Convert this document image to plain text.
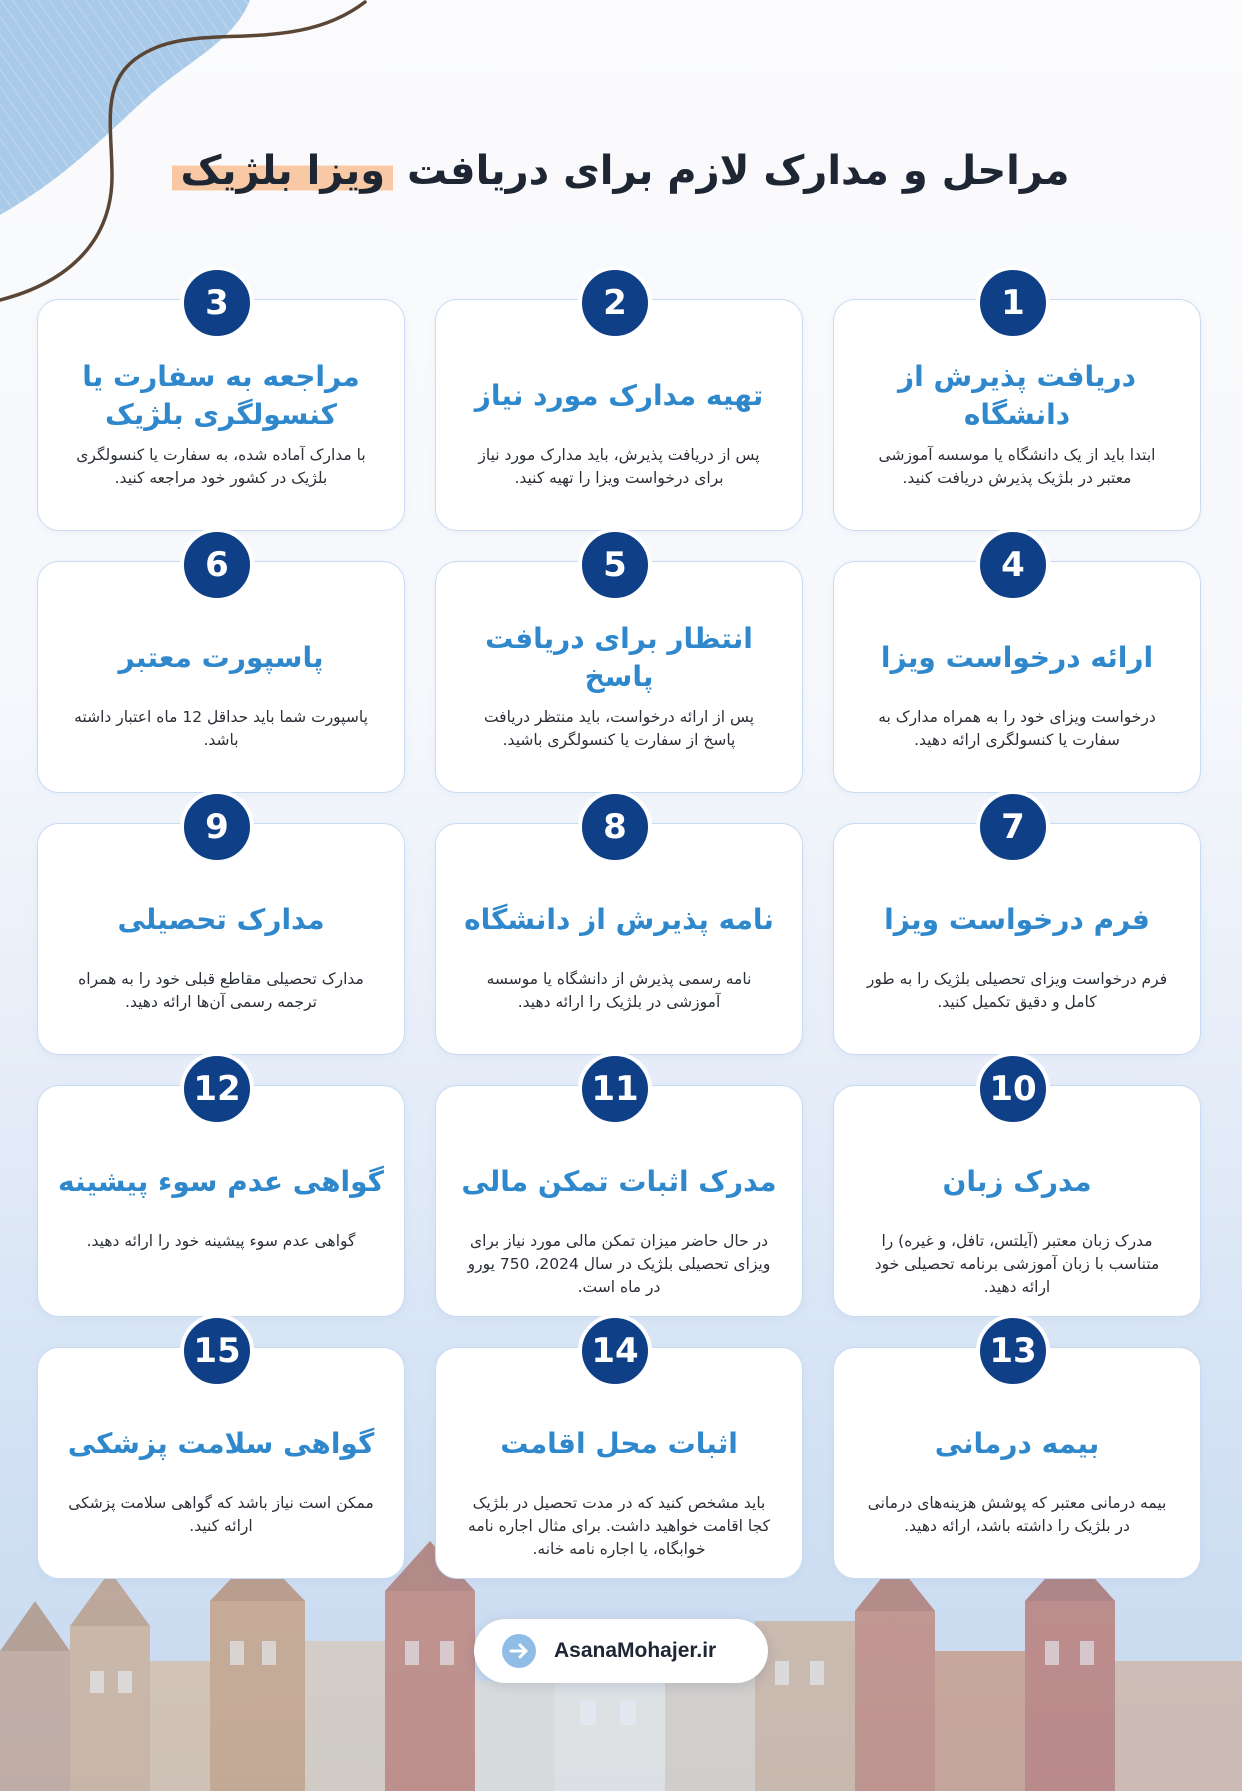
مراحل و مدارک لازم برای دریافت ویزا بلژیک
1
دریافت پذیرش از دانشگاه
ابتدا باید از یک دانشگاه یا موسسه آموزشی معتبر در بلژیک پذیرش دریافت کنید.
2
تهیه مدارک مورد نیاز
پس از دریافت پذیرش، باید مدارک مورد نیاز برای درخواست ویزا را تهیه کنید.
3
مراجعه به سفارت یا کنسولگری بلژیک
با مدارک آماده شده، به سفارت یا کنسولگری بلژیک در کشور خود مراجعه کنید.
4
ارائه درخواست ویزا
درخواست ویزای خود را به همراه مدارک به سفارت یا کنسولگری ارائه دهید.
5
انتظار برای دریافت پاسخ
پس از ارائه درخواست، باید منتظر دریافت پاسخ از سفارت یا کنسولگری باشید.
6
پاسپورت معتبر
پاسپورت شما باید حداقل 12 ماه اعتبار داشته باشد.
7
فرم درخواست ویزا
فرم درخواست ویزای تحصیلی بلژیک را به طور کامل و دقیق تکمیل کنید.
8
نامه پذیرش از دانشگاه
نامه رسمی پذیرش از دانشگاه یا موسسه آموزشی در بلژیک را ارائه دهید.
9
مدارک تحصیلی
مدارک تحصیلی مقاطع قبلی خود را به همراه ترجمه رسمی آن‌ها ارائه دهید.
10
مدرک زبان
مدرک زبان معتبر (آیلتس، تافل، و غیره) را متناسب با زبان آموزشی برنامه تحصیلی خود ارائه دهید.
11
مدرک اثبات تمکن مالی
در حال حاضر میزان تمکن مالی مورد نیاز برای ویزای تحصیلی بلژیک در سال 2024، 750 یورو در ماه است.
12
گواهی عدم سوء پیشینه
گواهی عدم سوء پیشینه خود را ارائه دهید.
13
بیمه درمانی
بیمه درمانی معتبر که پوشش هزینه‌های درمانی در بلژیک را داشته باشد، ارائه دهید.
14
اثبات محل اقامت
باید مشخص کنید که در مدت تحصیل در بلژیک کجا اقامت خواهید داشت. برای مثال اجاره نامه خوابگاه، یا اجاره نامه خانه.
15
گواهی سلامت پزشکی
ممکن است نیاز باشد که گواهی سلامت پزشکی ارائه کنید.
AsanaMohajer.ir
